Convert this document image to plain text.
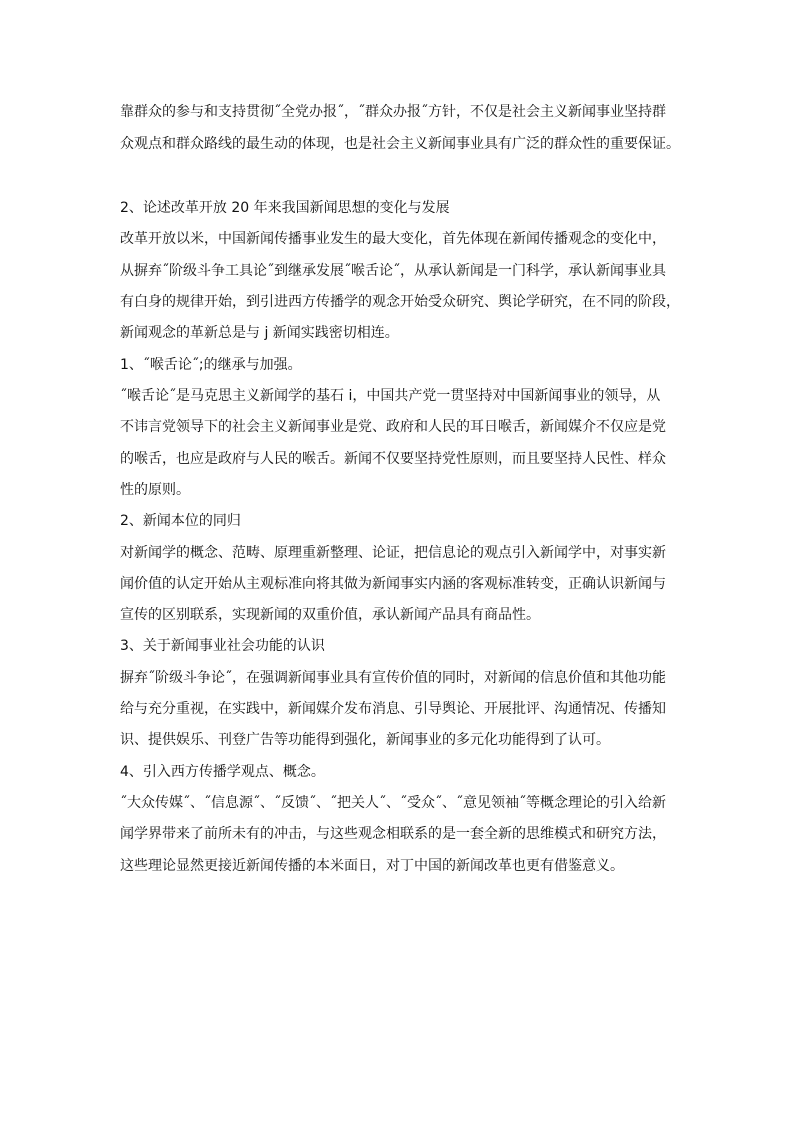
靠群众的参与和支持贯彻˝全党办报˝，˝群众办报˝方针，不仅是社会主义新闻事业坚持群
众观点和群众路线的最生动的体现，也是社会主义新闻事业具有广泛的群众性的重要保证。
2、论述改革开放 20 年来我国新闻思想的变化与发展
改革开放以米，中国新闻传播事业发生的最大变化，首先体现在新闻传播观念的变化中，
从摒弃˝阶级斗争工具论˝到继承发展˝喉舌论˝，从承认新闻是一门科学，承认新闻事业具
有白身的规律开始，到引进西方传播学的观念开始受众研究、舆论学研究，在不同的阶段，
新闻观念的革新总是与 j 新闻实践密切相连。
1、˝喉舌论˝;的继承与加强。
˝喉舌论˝是马克思主义新闻学的基石 i，中国共产党一贯坚持对中国新闻事业的领导，从
不讳言党领导下的社会主义新闻事业是党、政府和人民的耳日喉舌，新闻媒介不仅应是党
的喉舌，也应是政府与人民的喉舌。新闻不仅要坚持党性原则，而且要坚持人民性、样众
性的原则。
2、新闻本位的同归
对新闻学的概念、范畴、原理重新整理、论证，把信息论的观点引入新闻学中，对事实新
闻价值的认定开始从主观标准向将其做为新闻事实内涵的客观标准转变，正确认识新闻与
宣传的区别联系，实现新闻的双重价值，承认新闻产品具有商品性。
3、关于新闻事业社会功能的认识
摒弃˝阶级斗争论˝，在强调新闻事业具有宣传价值的同时，对新闻的信息价值和其他功能
给与充分重视，在实践中，新闻媒介发布消息、引导舆论、开展批评、沟通情况、传播知
识、提供娱乐、刊登广告等功能得到强化，新闻事业的多元化功能得到了认可。
4、引入西方传播学观点、概念。
˝大众传媒˝、˝信息源˝、˝反馈˝、˝把关人˝、˝受众˝、˝意见领袖˝等概念理论的引入给新
闻学界带来了前所未有的冲击，与这些观念相联系的是一套全新的思维模式和研究方法，
这些理论显然更接近新闻传播的本米面日，对丁中国的新闻改革也更有借鉴意义。
